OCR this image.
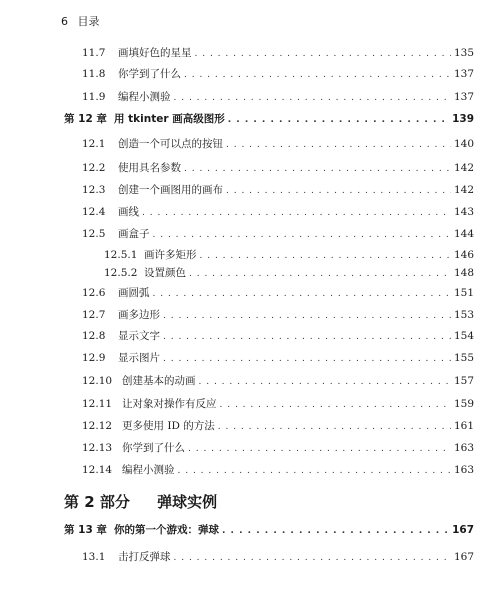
6 目录
11.7	画填好色的星星 . . .	135
11.8	你学到了什么 . . .	137
11.9	编程小测验 . . .	137
第 12 章 用 tkinter 画高级图形 . . .	139
12.1	创造一个可以点的按钮 . . .	140
12.2	使用具名参数 . . .	142
12.3	创建一个画图用的画布 . . .	142
12.4	画线 . . .	143
12.5	画盒子 . . .	144
12.5.1 画许多矩形 . . .	146
12.5.2 设置颜色 . . .	148
12.6	画圆弧 . . .	151
12.7	画多边形 . . .	153
12.8	显示文字 . . .	154
12.9	显示图片 . . .	155
12.10 创建基本的动画 . . .	157
12.11 让对象对操作有反应 . . .	159
12.12 更多使用 ID 的方法 . . .	161
12.13 你学到了什么 . . .	163
12.14 编程小测验 . . .	163
第 2 部分 弹球实例
第 13 章 你的第一个游戏：弹球 . . .	167
13.1	击打反弹球 . . .	167
